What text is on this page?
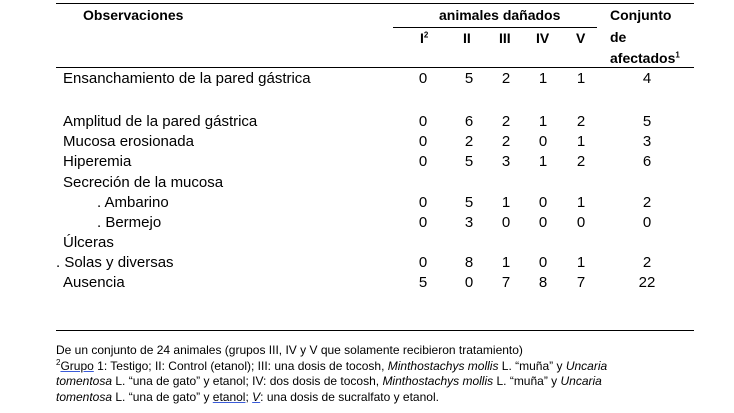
Observaciones	animales dañados
$I^2$ II III IV V
Conjunto
de
afectados$^1$
Ensanchamiento de la pared gástrica	0	5	2	1	1	4
Amplitud de la pared gástrica	0	6	2	1	2	5
Mucosa erosionada	0	2	2	0	1	3
Hiperemia	0	5	3	1	2	6
Secreción de la mucosa
. Ambarino	0	5	1	0	1	2
. Bermejo	0	3	0	0	0	0
Úlceras
. Solas y diversas	0	8	1	0	1	2
Ausencia	5	0	7	8	7	22

De un conjunto de 24 animales (grupos III, IV y V que solamente recibieron tratamiento)

$^2$Grupo 1: Testigo; II: Control (etanol); III: una dosis de tocosh, Minthostachys mollis L. “muña” y Uncaria

tomentosa L. “una de gato” y etanol; IV: dos dosis de tocosh, Minthostachys mollis L. “muña” y Uncaria

tomentosa L. “una de gato” y etanol; V: una dosis de sucralfato y etanol.
